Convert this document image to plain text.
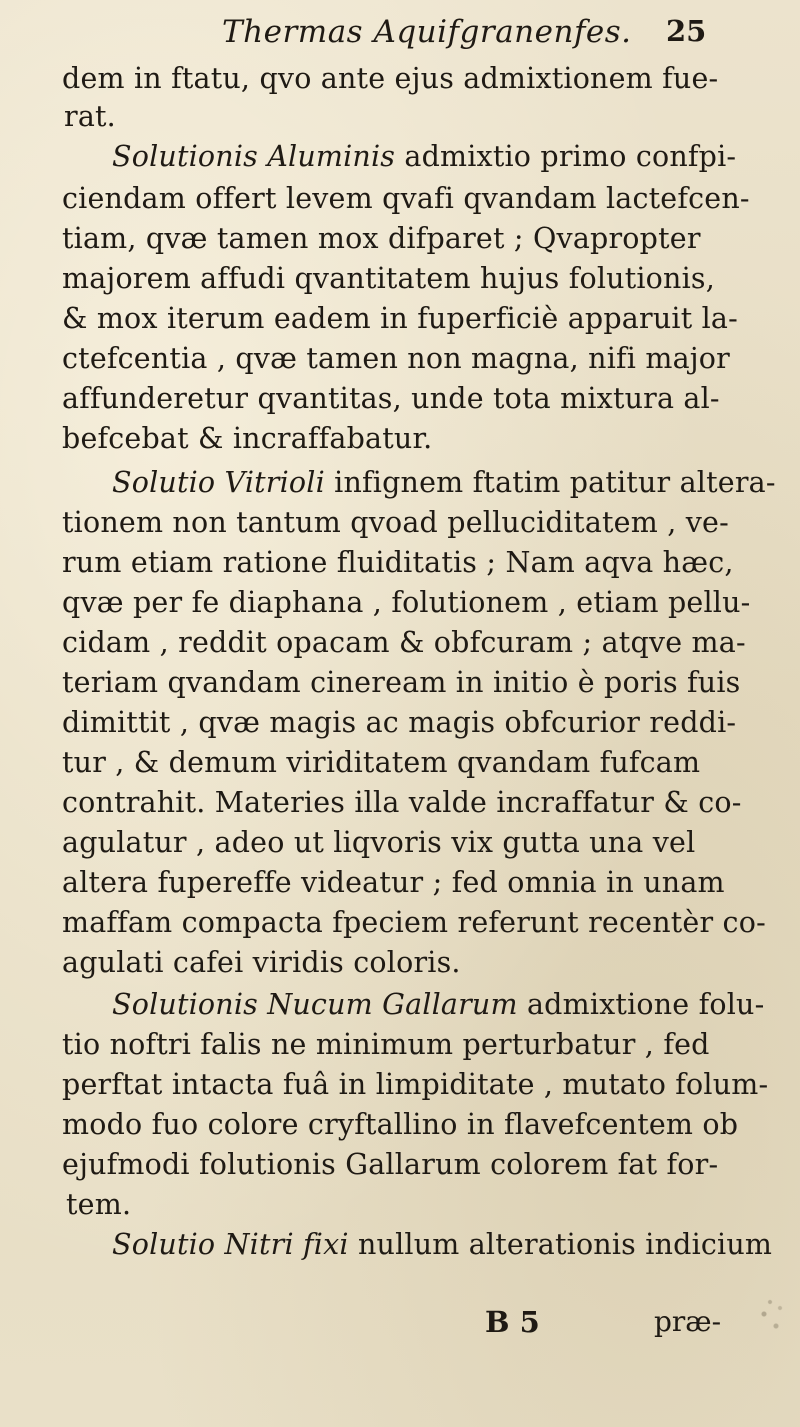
Thermas Aquifgranenfes. 25
dem in ftatu, qvo ante ejus admixtionem fue-
rat.
Solutionis Aluminis admixtio primo confpi-
ciendam offert levem qvafi qvandam lactefcen-
tiam, qvæ tamen mox difparet ; Qvapropter
majorem affudi qvantitatem hujus folutionis,
& mox iterum eadem in fuperficiè apparuit la-
ctefcentia , qvæ tamen non magna, nifi major
affunderetur qvantitas, unde tota mixtura al-
befcebat & incraffabatur.
Solutio Vitrioli infignem ftatim patitur altera-
tionem non tantum qvoad pelluciditatem , ve-
rum etiam ratione fluiditatis ; Nam aqva hæc,
qvæ per fe diaphana , folutionem , etiam pellu-
cidam , reddit opacam & obfcuram ; atqve ma-
teriam qvandam cineream in initio è poris fuis
dimittit , qvæ magis ac magis obfcurior reddi-
tur , & demum viriditatem qvandam fufcam
contrahit. Materies illa valde incraffatur & co-
agulatur , adeo ut liqvoris vix gutta una vel
altera fupereffe videatur ; fed omnia in unam
maffam compacta fpeciem referunt recentèr co-
agulati cafei viridis coloris.
Solutionis Nucum Gallarum admixtione folu-
tio noftri falis ne minimum perturbatur , fed
perftat intacta fuâ in limpiditate , mutato folum-
modo fuo colore cryftallino in flavefcentem ob
ejufmodi folutionis Gallarum colorem fat for-
tem.
Solutio Nitri fixi nullum alterationis indicium
B 5	præ-
